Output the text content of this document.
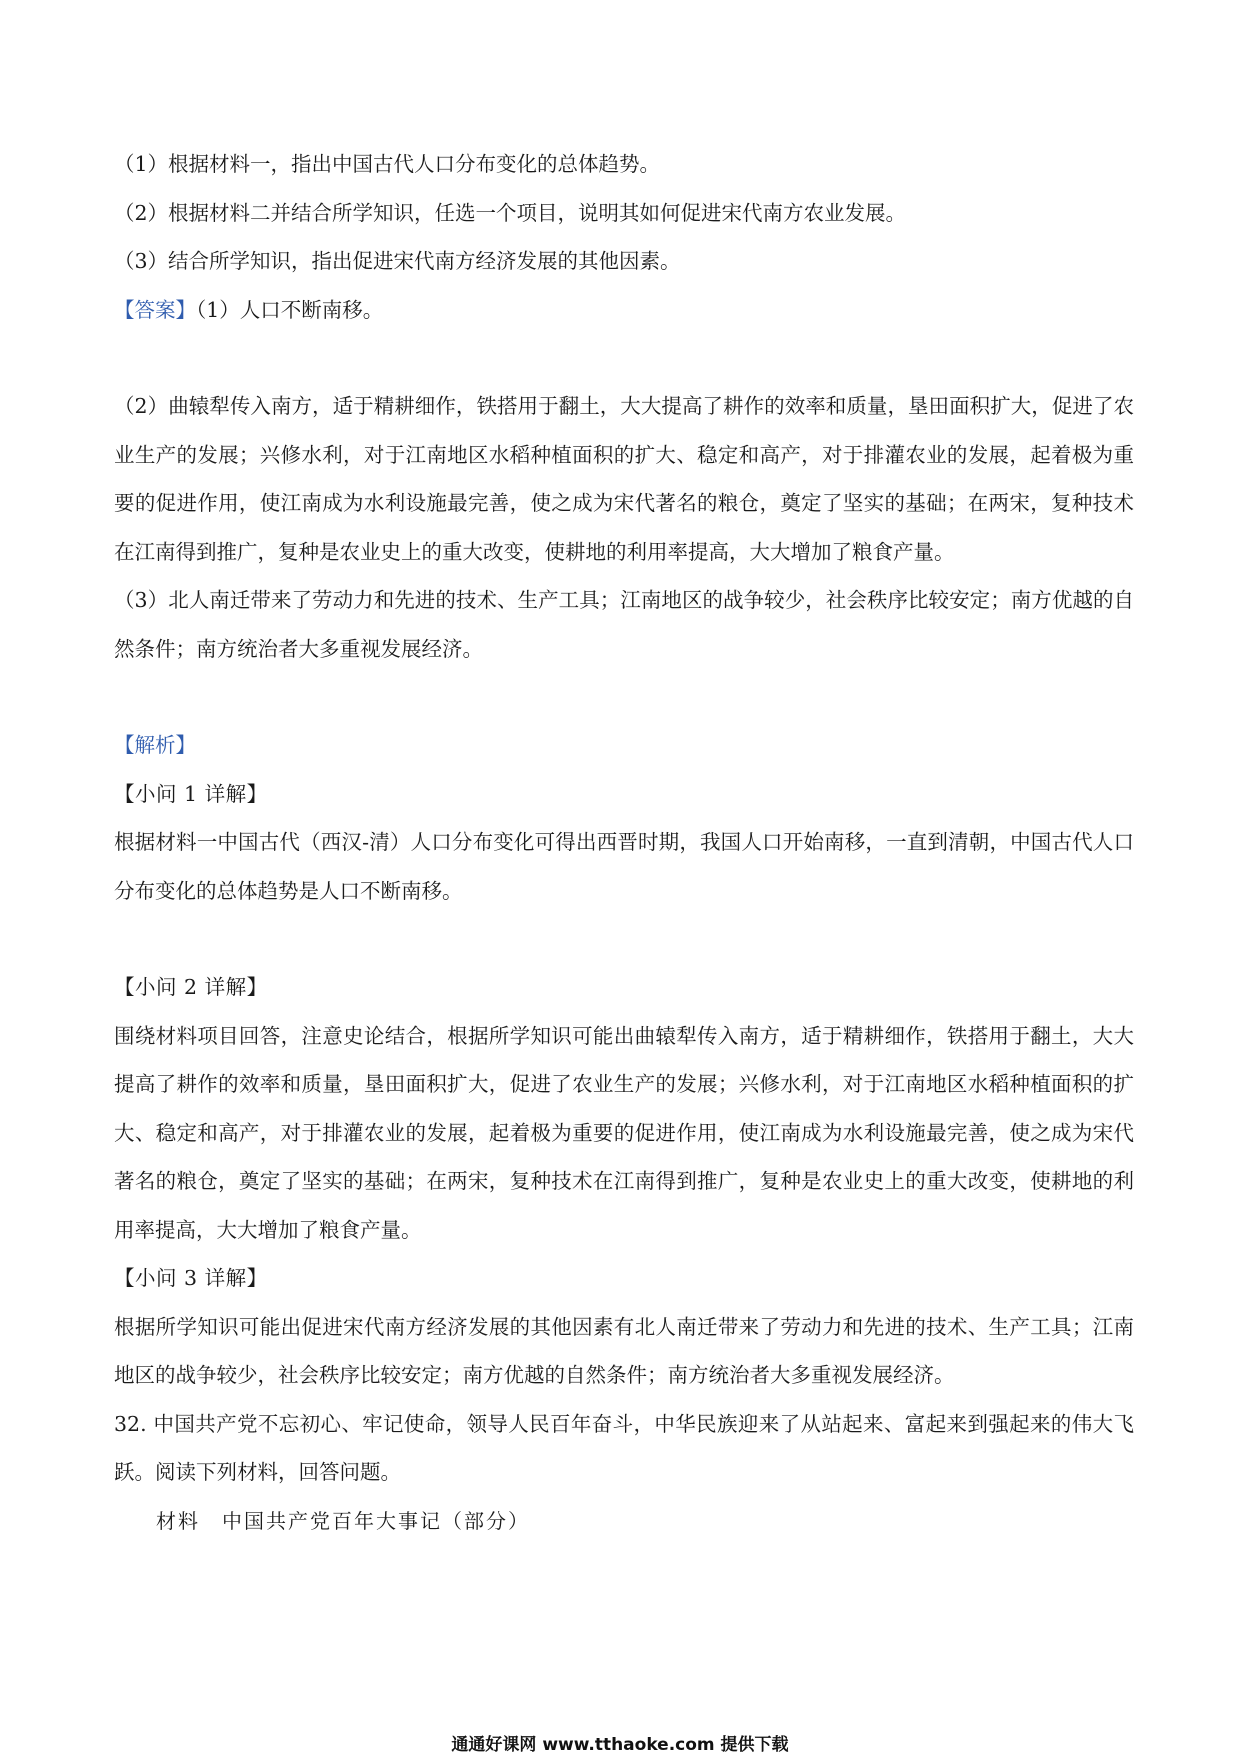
（1）根据材料一，指出中国古代人口分布变化的总体趋势。

（2）根据材料二并结合所学知识，任选一个项目，说明其如何促进宋代南方农业发展。

（3）结合所学知识，指出促进宋代南方经济发展的其他因素。

【答案】（1）人口不断南移。

（2）曲辕犁传入南方，适于精耕细作，铁搭用于翻土，大大提高了耕作的效率和质量，垦田面积扩大，促进了农业生产的发展；兴修水利，对于江南地区水稻种植面积的扩大、稳定和高产，对于排灌农业的发展，起着极为重要的促进作用，使江南成为水利设施最完善，使之成为宋代著名的粮仓，奠定了坚实的基础；在两宋，复种技术在江南得到推广，复种是农业史上的重大改变，使耕地的利用率提高，大大增加了粮食产量。

（3）北人南迁带来了劳动力和先进的技术、生产工具；江南地区的战争较少，社会秩序比较安定；南方优越的自然条件；南方统治者大多重视发展经济。

【解析】

【小问 1 详解】

根据材料一中国古代（西汉-清）人口分布变化可得出西晋时期，我国人口开始南移，一直到清朝，中国古代人口分布变化的总体趋势是人口不断南移。

【小问 2 详解】

围绕材料项目回答，注意史论结合，根据所学知识可能出曲辕犁传入南方，适于精耕细作，铁搭用于翻土，大大提高了耕作的效率和质量，垦田面积扩大，促进了农业生产的发展；兴修水利，对于江南地区水稻种植面积的扩大、稳定和高产，对于排灌农业的发展，起着极为重要的促进作用，使江南成为水利设施最完善，使之成为宋代著名的粮仓，奠定了坚实的基础；在两宋，复种技术在江南得到推广，复种是农业史上的重大改变，使耕地的利用率提高，大大增加了粮食产量。

【小问 3 详解】

根据所学知识可能出促进宋代南方经济发展的其他因素有北人南迁带来了劳动力和先进的技术、生产工具；江南地区的战争较少，社会秩序比较安定；南方优越的自然条件；南方统治者大多重视发展经济。

32. 中国共产党不忘初心、牢记使命，领导人民百年奋斗，中华民族迎来了从站起来、富起来到强起来的伟大飞跃。阅读下列材料，回答问题。

材料　中国共产党百年大事记（部分）

通通好课网 www.tthaoke.com 提供下载
